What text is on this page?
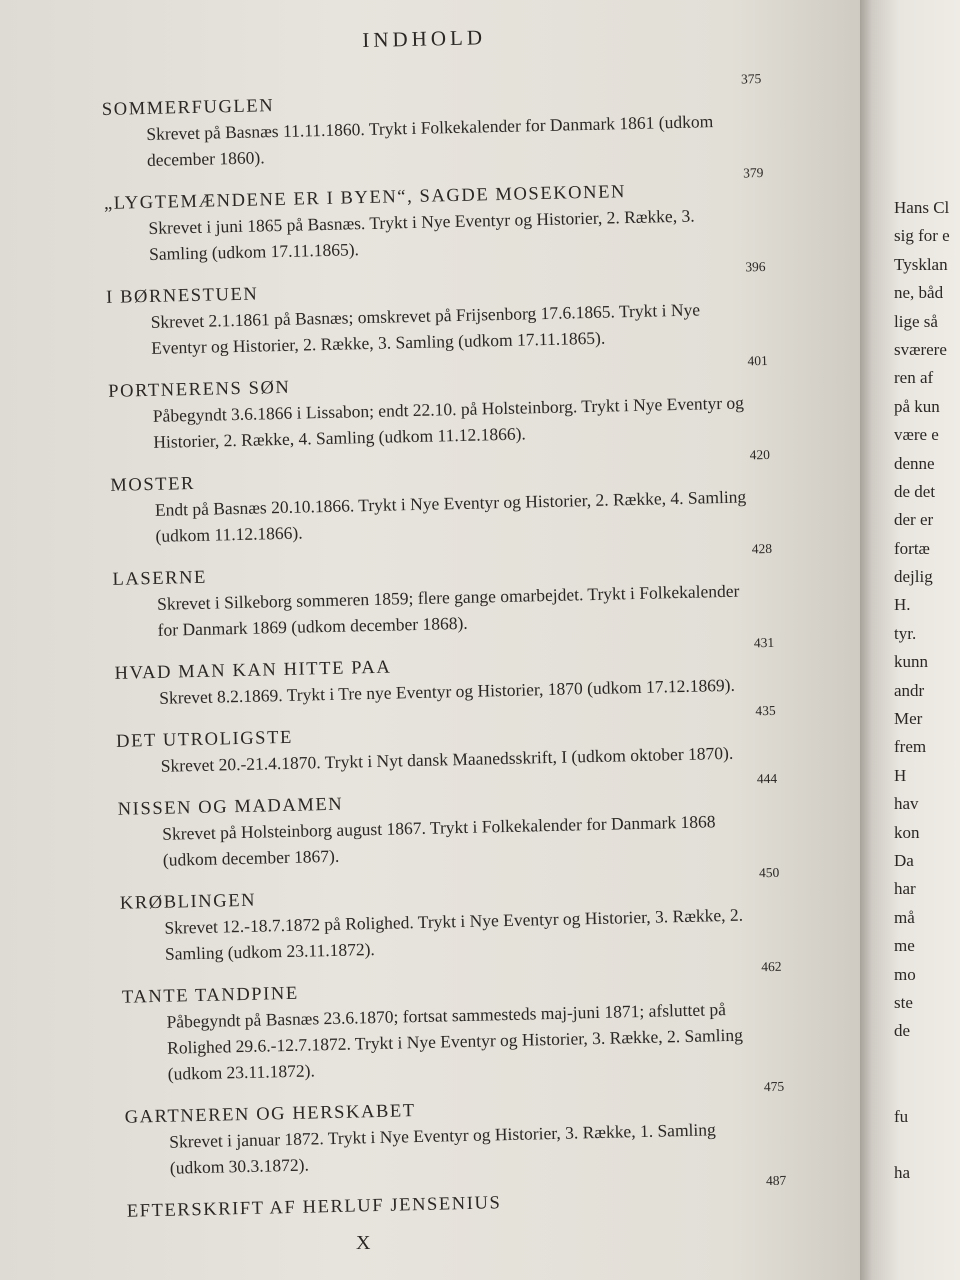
INDHOLD
375
SOMMERFUGLEN
Skrevet på Basnæs 11.11.1860. Trykt i Folkekalender for Danmark 1861 (udkom december 1860).
379
„LYGTEMÆNDENE ER I BYEN“, SAGDE MOSEKONEN
Skrevet i juni 1865 på Basnæs. Trykt i Nye Eventyr og Historier, 2. Række, 3. Samling (udkom 17.11.1865).
396
I BØRNESTUEN
Skrevet 2.1.1861 på Basnæs; omskrevet på Frijsenborg 17.6.1865. Trykt i Nye Eventyr og Historier, 2. Række, 3. Samling (udkom 17.11.1865).
401
PORTNERENS SØN
Påbegyndt 3.6.1866 i Lissabon; endt 22.10. på Holsteinborg. Trykt i Nye Eventyr og Historier, 2. Række, 4. Samling (udkom 11.12.1866).
420
MOSTER
Endt på Basnæs 20.10.1866. Trykt i Nye Eventyr og Historier, 2. Række, 4. Samling (udkom 11.12.1866).
428
LASERNE
Skrevet i Silkeborg sommeren 1859; flere gange omarbejdet. Trykt i Folkekalender for Danmark 1869 (udkom december 1868).
431
HVAD MAN KAN HITTE PAA
Skrevet 8.2.1869. Trykt i Tre nye Eventyr og Historier, 1870 (udkom 17.12.1869).
435
DET UTROLIGSTE
Skrevet 20.-21.4.1870. Trykt i Nyt dansk Maanedsskrift, I (udkom oktober 1870).
444
NISSEN OG MADAMEN
Skrevet på Holsteinborg august 1867. Trykt i Folkekalender for Danmark 1868 (udkom december 1867).
450
KRØBLINGEN
Skrevet 12.-18.7.1872 på Rolighed. Trykt i Nye Eventyr og Historier, 3. Række, 2. Samling (udkom 23.11.1872).
462
TANTE TANDPINE
Påbegyndt på Basnæs 23.6.1870; fortsat sammesteds maj-juni 1871; afsluttet på Rolighed 29.6.-12.7.1872. Trykt i Nye Eventyr og Historier, 3. Række, 2. Samling (udkom 23.11.1872).
475
GARTNEREN OG HERSKABET
Skrevet i januar 1872. Trykt i Nye Eventyr og Historier, 3. Række, 1. Samling (udkom 30.3.1872).
487
EFTERSKRIFT AF HERLUF JENSENIUS
X
Hans Cl
sig for e
Tysklan
ne, båd
lige så
sværere
ren af
på kun
være e
denne
de det
der er
fortæ
dejlig
H.
tyr.
kunn
andr
Mer
frem
H
hav
kon
Da
har
må
me
mo
ste
de
fu
ha
